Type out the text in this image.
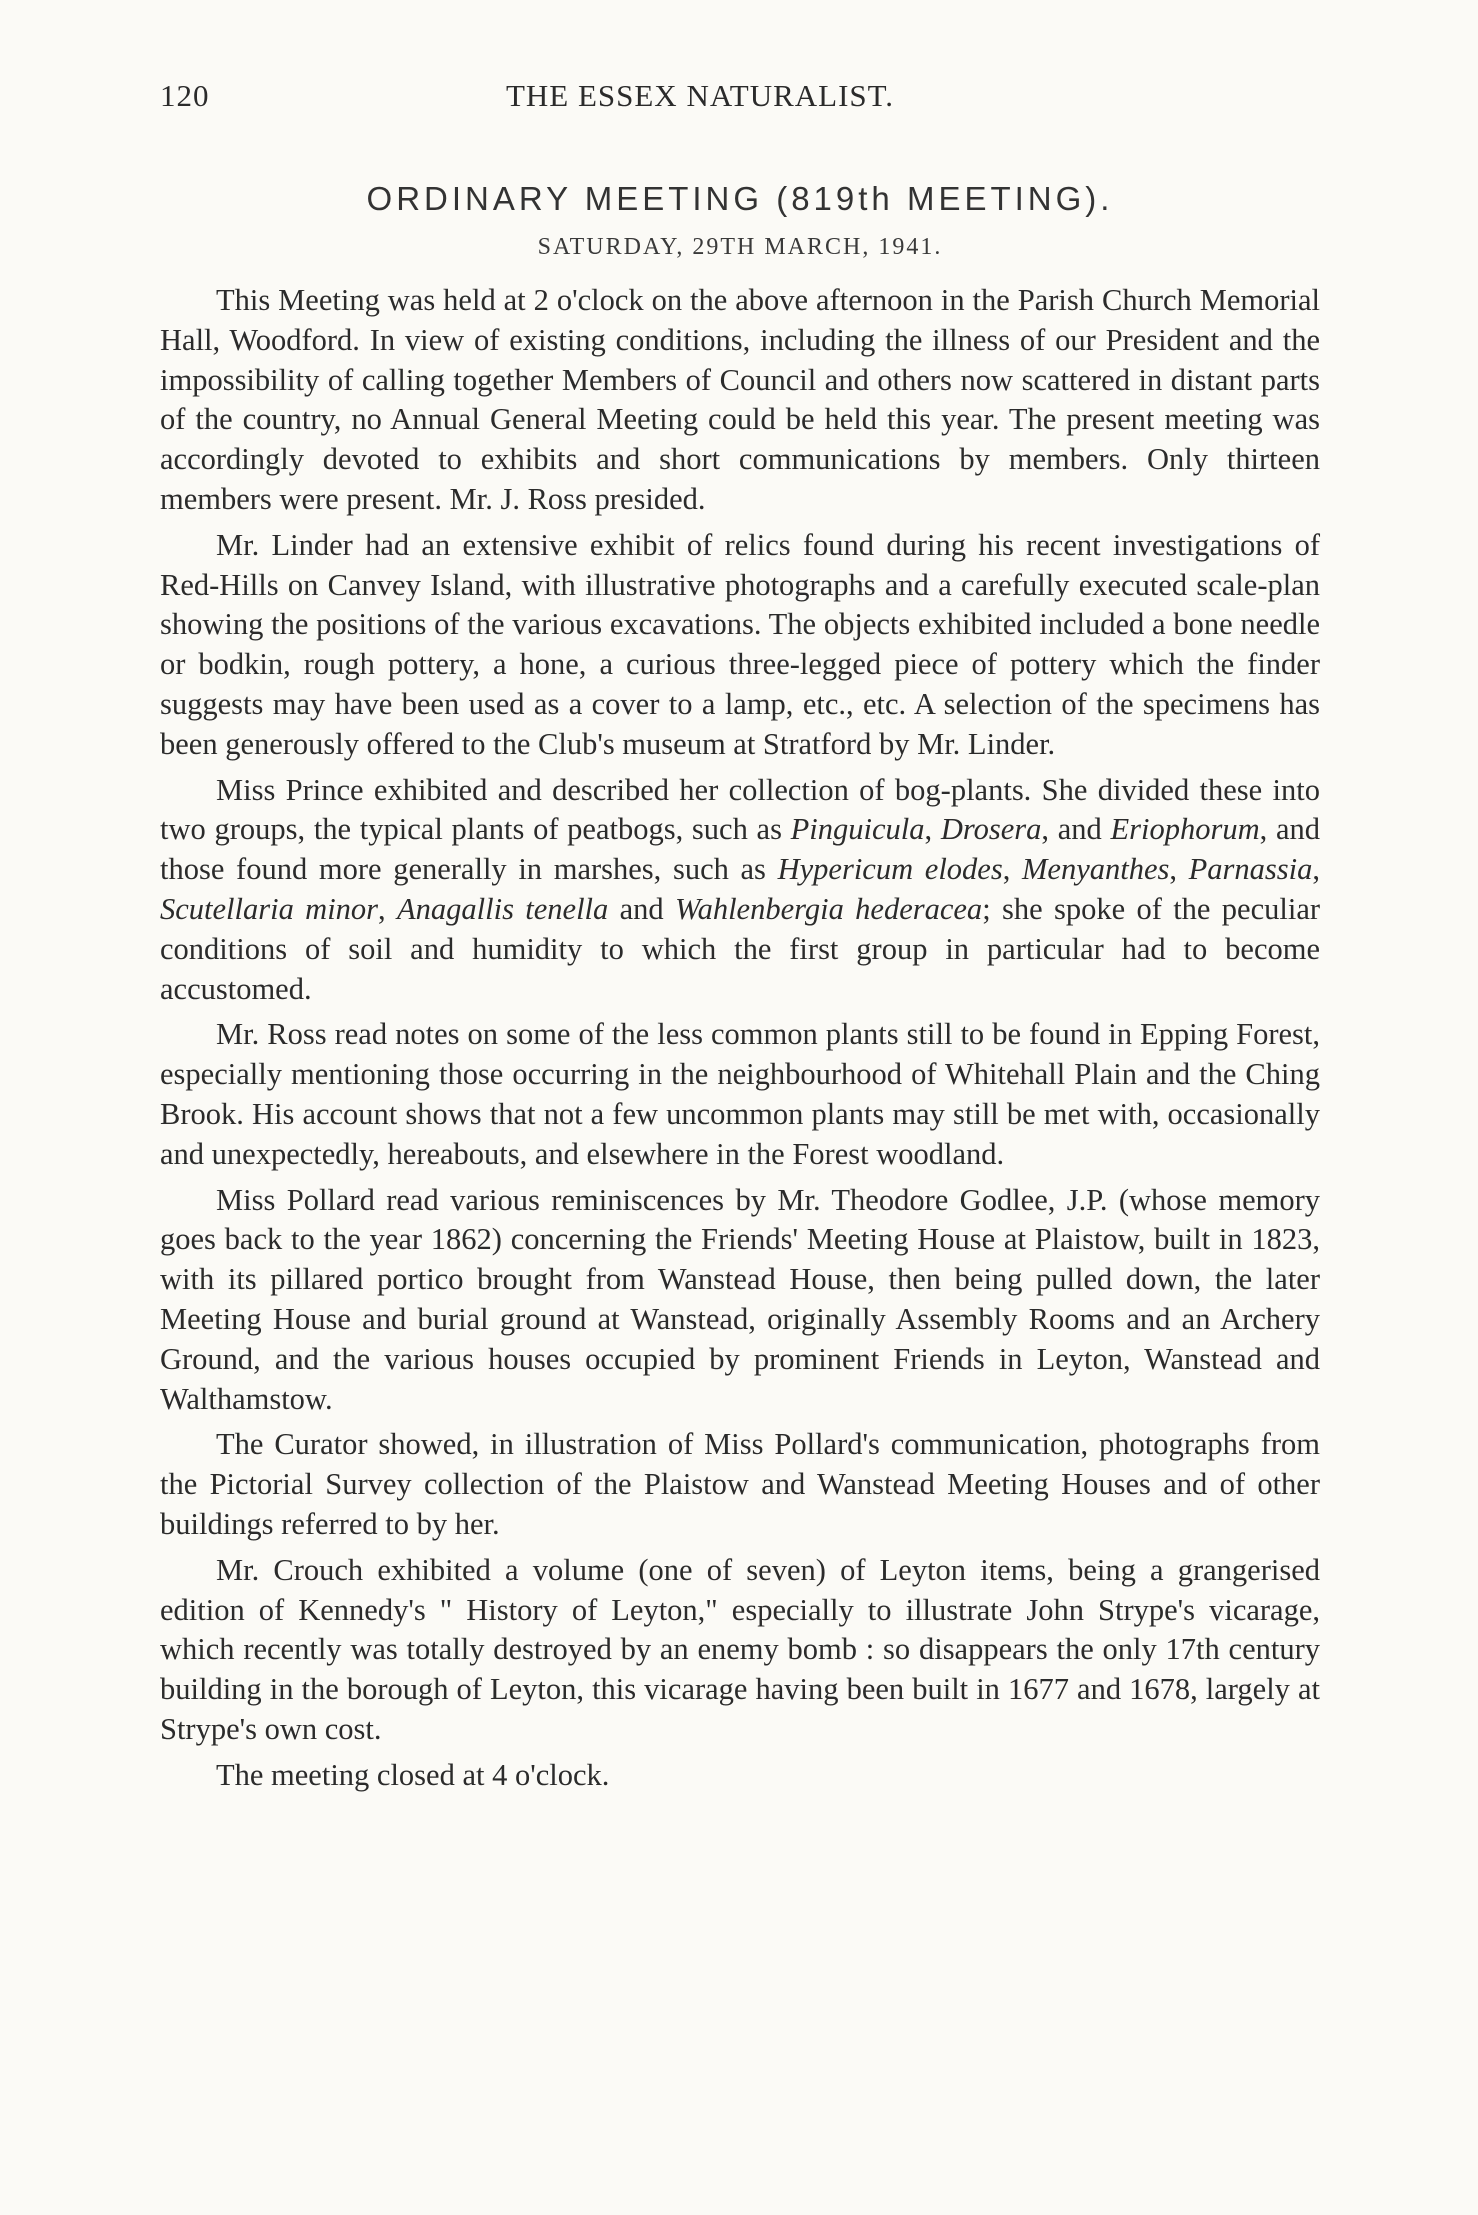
120	THE ESSEX NATURALIST.
ORDINARY MEETING (819th MEETING).
SATURDAY, 29TH MARCH, 1941.

This Meeting was held at 2 o'clock on the above afternoon in the Parish Church Memorial Hall, Woodford. In view of existing conditions, including the illness of our President and the impossibility of calling together Members of Council and others now scattered in distant parts of the country, no Annual General Meeting could be held this year. The present meeting was accordingly devoted to exhibits and short communications by members. Only thirteen members were present. Mr. J. Ross presided.

Mr. Linder had an extensive exhibit of relics found during his recent investigations of Red-Hills on Canvey Island, with illustrative photographs and a carefully executed scale-plan showing the positions of the various excavations. The objects exhibited included a bone needle or bodkin, rough pottery, a hone, a curious three-legged piece of pottery which the finder suggests may have been used as a cover to a lamp, etc., etc. A selection of the specimens has been generously offered to the Club's museum at Stratford by Mr. Linder.

Miss Prince exhibited and described her collection of bog-plants. She divided these into two groups, the typical plants of peatbogs, such as Pinguicula, Drosera, and Eriophorum, and those found more generally in marshes, such as Hypericum elodes, Menyanthes, Parnassia, Scutellaria minor, Anagallis tenella and Wahlenbergia hederacea; she spoke of the peculiar conditions of soil and humidity to which the first group in particular had to become accustomed.

Mr. Ross read notes on some of the less common plants still to be found in Epping Forest, especially mentioning those occurring in the neighbourhood of Whitehall Plain and the Ching Brook. His account shows that not a few uncommon plants may still be met with, occasionally and unexpectedly, hereabouts, and elsewhere in the Forest woodland.

Miss Pollard read various reminiscences by Mr. Theodore Godlee, J.P. (whose memory goes back to the year 1862) concerning the Friends' Meeting House at Plaistow, built in 1823, with its pillared portico brought from Wanstead House, then being pulled down, the later Meeting House and burial ground at Wanstead, originally Assembly Rooms and an Archery Ground, and the various houses occupied by prominent Friends in Leyton, Wanstead and Walthamstow.

The Curator showed, in illustration of Miss Pollard's communication, photographs from the Pictorial Survey collection of the Plaistow and Wanstead Meeting Houses and of other buildings referred to by her.

Mr. Crouch exhibited a volume (one of seven) of Leyton items, being a grangerised edition of Kennedy's " History of Leyton," especially to illustrate John Strype's vicarage, which recently was totally destroyed by an enemy bomb : so disappears the only 17th century building in the borough of Leyton, this vicarage having been built in 1677 and 1678, largely at Strype's own cost.

The meeting closed at 4 o'clock.
